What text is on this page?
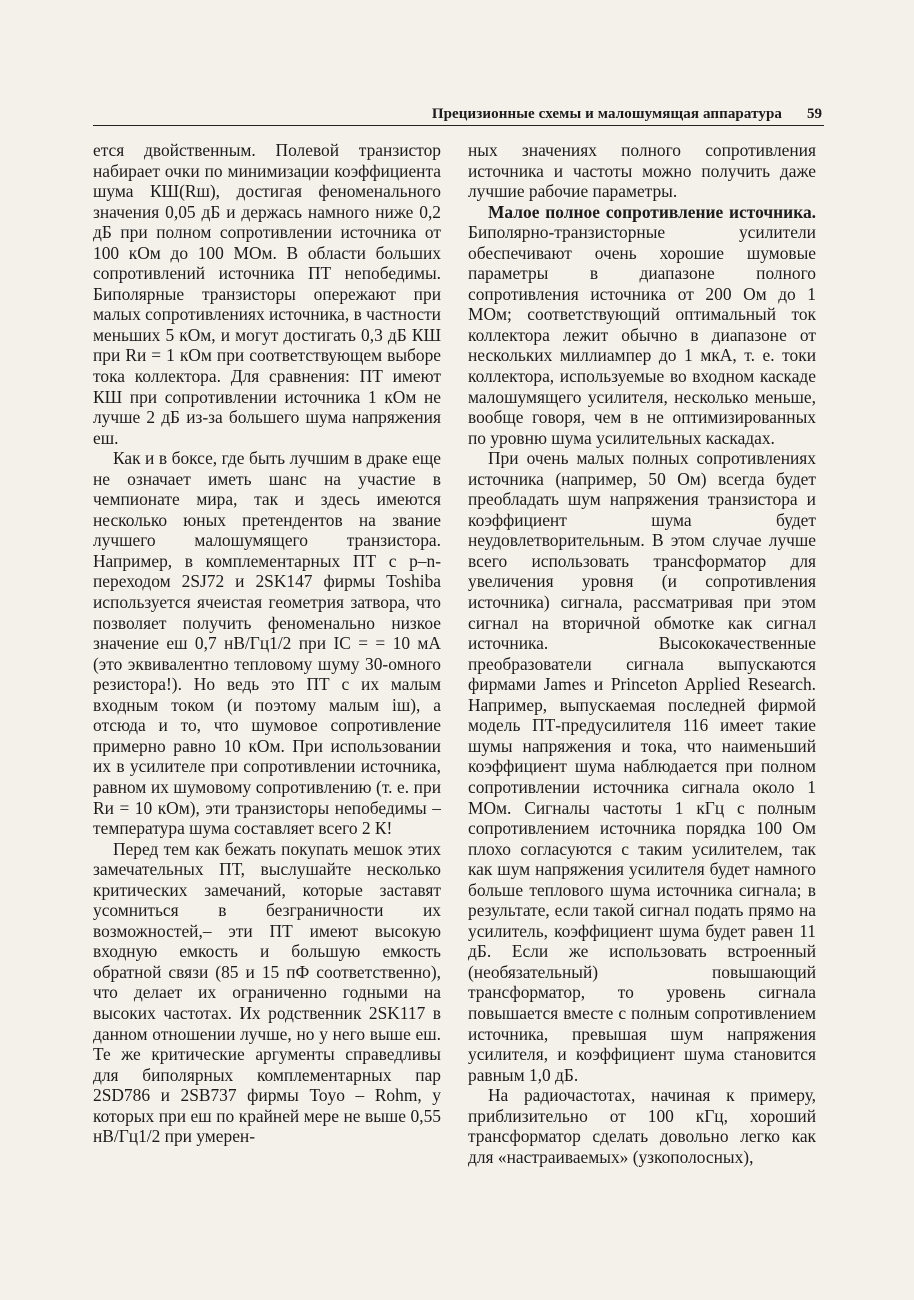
Прецизионные схемы и малошумящая аппаратура 59

ется двойственным. Полевой транзистор набирает очки по минимизации коэффициента шума КШ(Rш), достигая феноменального значения 0,05 дБ и держась намного ниже 0,2 дБ при полном сопротивлении источника от 100 кОм до 100 МОм. В области больших сопротивлений источника ПТ непобедимы. Биполярные транзисторы опережают при малых сопротивлениях источника, в частности меньших 5 кОм, и могут достигать 0,3 дБ КШ при Rи = 1 кОм при соответствующем выборе тока коллектора. Для сравнения: ПТ имеют КШ при сопротивлении источника 1 кОм не лучше 2 дБ из-за большего шума напряжения eш.

Как и в боксе, где быть лучшим в драке еще не означает иметь шанс на участие в чемпионате мира, так и здесь имеются несколько юных претендентов на звание лучшего малошумящего транзистора. Например, в комплементарных ПТ с p–n-переходом 2SJ72 и 2SK147 фирмы Toshiba используется ячеистая геометрия затвора, что позволяет получить феноменально низкое значение eш 0,7 нВ/Гц1/2 при IС = = 10 мА (это эквивалентно тепловому шуму 30-омного резистора!). Но ведь это ПТ с их малым входным током (и поэтому малым iш), а отсюда и то, что шумовое сопротивление примерно равно 10 кОм. При использовании их в усилителе при сопротивлении источника, равном их шумовому сопротивлению (т. е. при Rи = 10 кОм), эти транзисторы непобедимы – температура шума составляет всего 2 К!

Перед тем как бежать покупать мешок этих замечательных ПТ, выслушайте несколько критических замечаний, которые заставят усомниться в безграничности их возможностей,– эти ПТ имеют высокую входную емкость и большую емкость обратной связи (85 и 15 пФ соответственно), что делает их ограниченно годными на высоких частотах. Их родственник 2SK117 в данном отношении лучше, но у него выше eш. Те же критические аргументы справедливы для биполярных комплементарных пар 2SD786 и 2SB737 фирмы Toyo – Rohm, у которых при eш по крайней мере не выше 0,55 нВ/Гц1/2 при умерен-

ных значениях полного сопротивления источника и частоты можно получить даже лучшие рабочие параметры.

Малое полное сопротивление источника. Биполярно-транзисторные усилители обеспечивают очень хорошие шумовые параметры в диапазоне полного сопротивления источника от 200 Ом до 1 МОм; соответствующий оптимальный ток коллектора лежит обычно в диапазоне от нескольких миллиампер до 1 мкА, т. е. токи коллектора, используемые во входном каскаде малошумящего усилителя, несколько меньше, вообще говоря, чем в не оптимизированных по уровню шума усилительных каскадах.

При очень малых полных сопротивлениях источника (например, 50 Ом) всегда будет преобладать шум напряжения транзистора и коэффициент шума будет неудовлетворительным. В этом случае лучше всего использовать трансформатор для увеличения уровня (и сопротивления источника) сигнала, рассматривая при этом сигнал на вторичной обмотке как сигнал источника. Высококачественные преобразователи сигнала выпускаются фирмами James и Princeton Applied Research. Например, выпускаемая последней фирмой модель ПТ-предусилителя 116 имеет такие шумы напряжения и тока, что наименьший коэффициент шума наблюдается при полном сопротивлении источника сигнала около 1 МОм. Сигналы частоты 1 кГц с полным сопротивлением источника порядка 100 Ом плохо согласуются с таким усилителем, так как шум напряжения усилителя будет намного больше теплового шума источника сигнала; в результате, если такой сигнал подать прямо на усилитель, коэффициент шума будет равен 11 дБ. Если же использовать встроенный (необязательный) повышающий трансформатор, то уровень сигнала повышается вместе с полным сопротивлением источника, превышая шум напряжения усилителя, и коэффициент шума становится равным 1,0 дБ.

На радиочастотах, начиная к примеру, приблизительно от 100 кГц, хороший трансформатор сделать довольно легко как для «настраиваемых» (узкополосных),
